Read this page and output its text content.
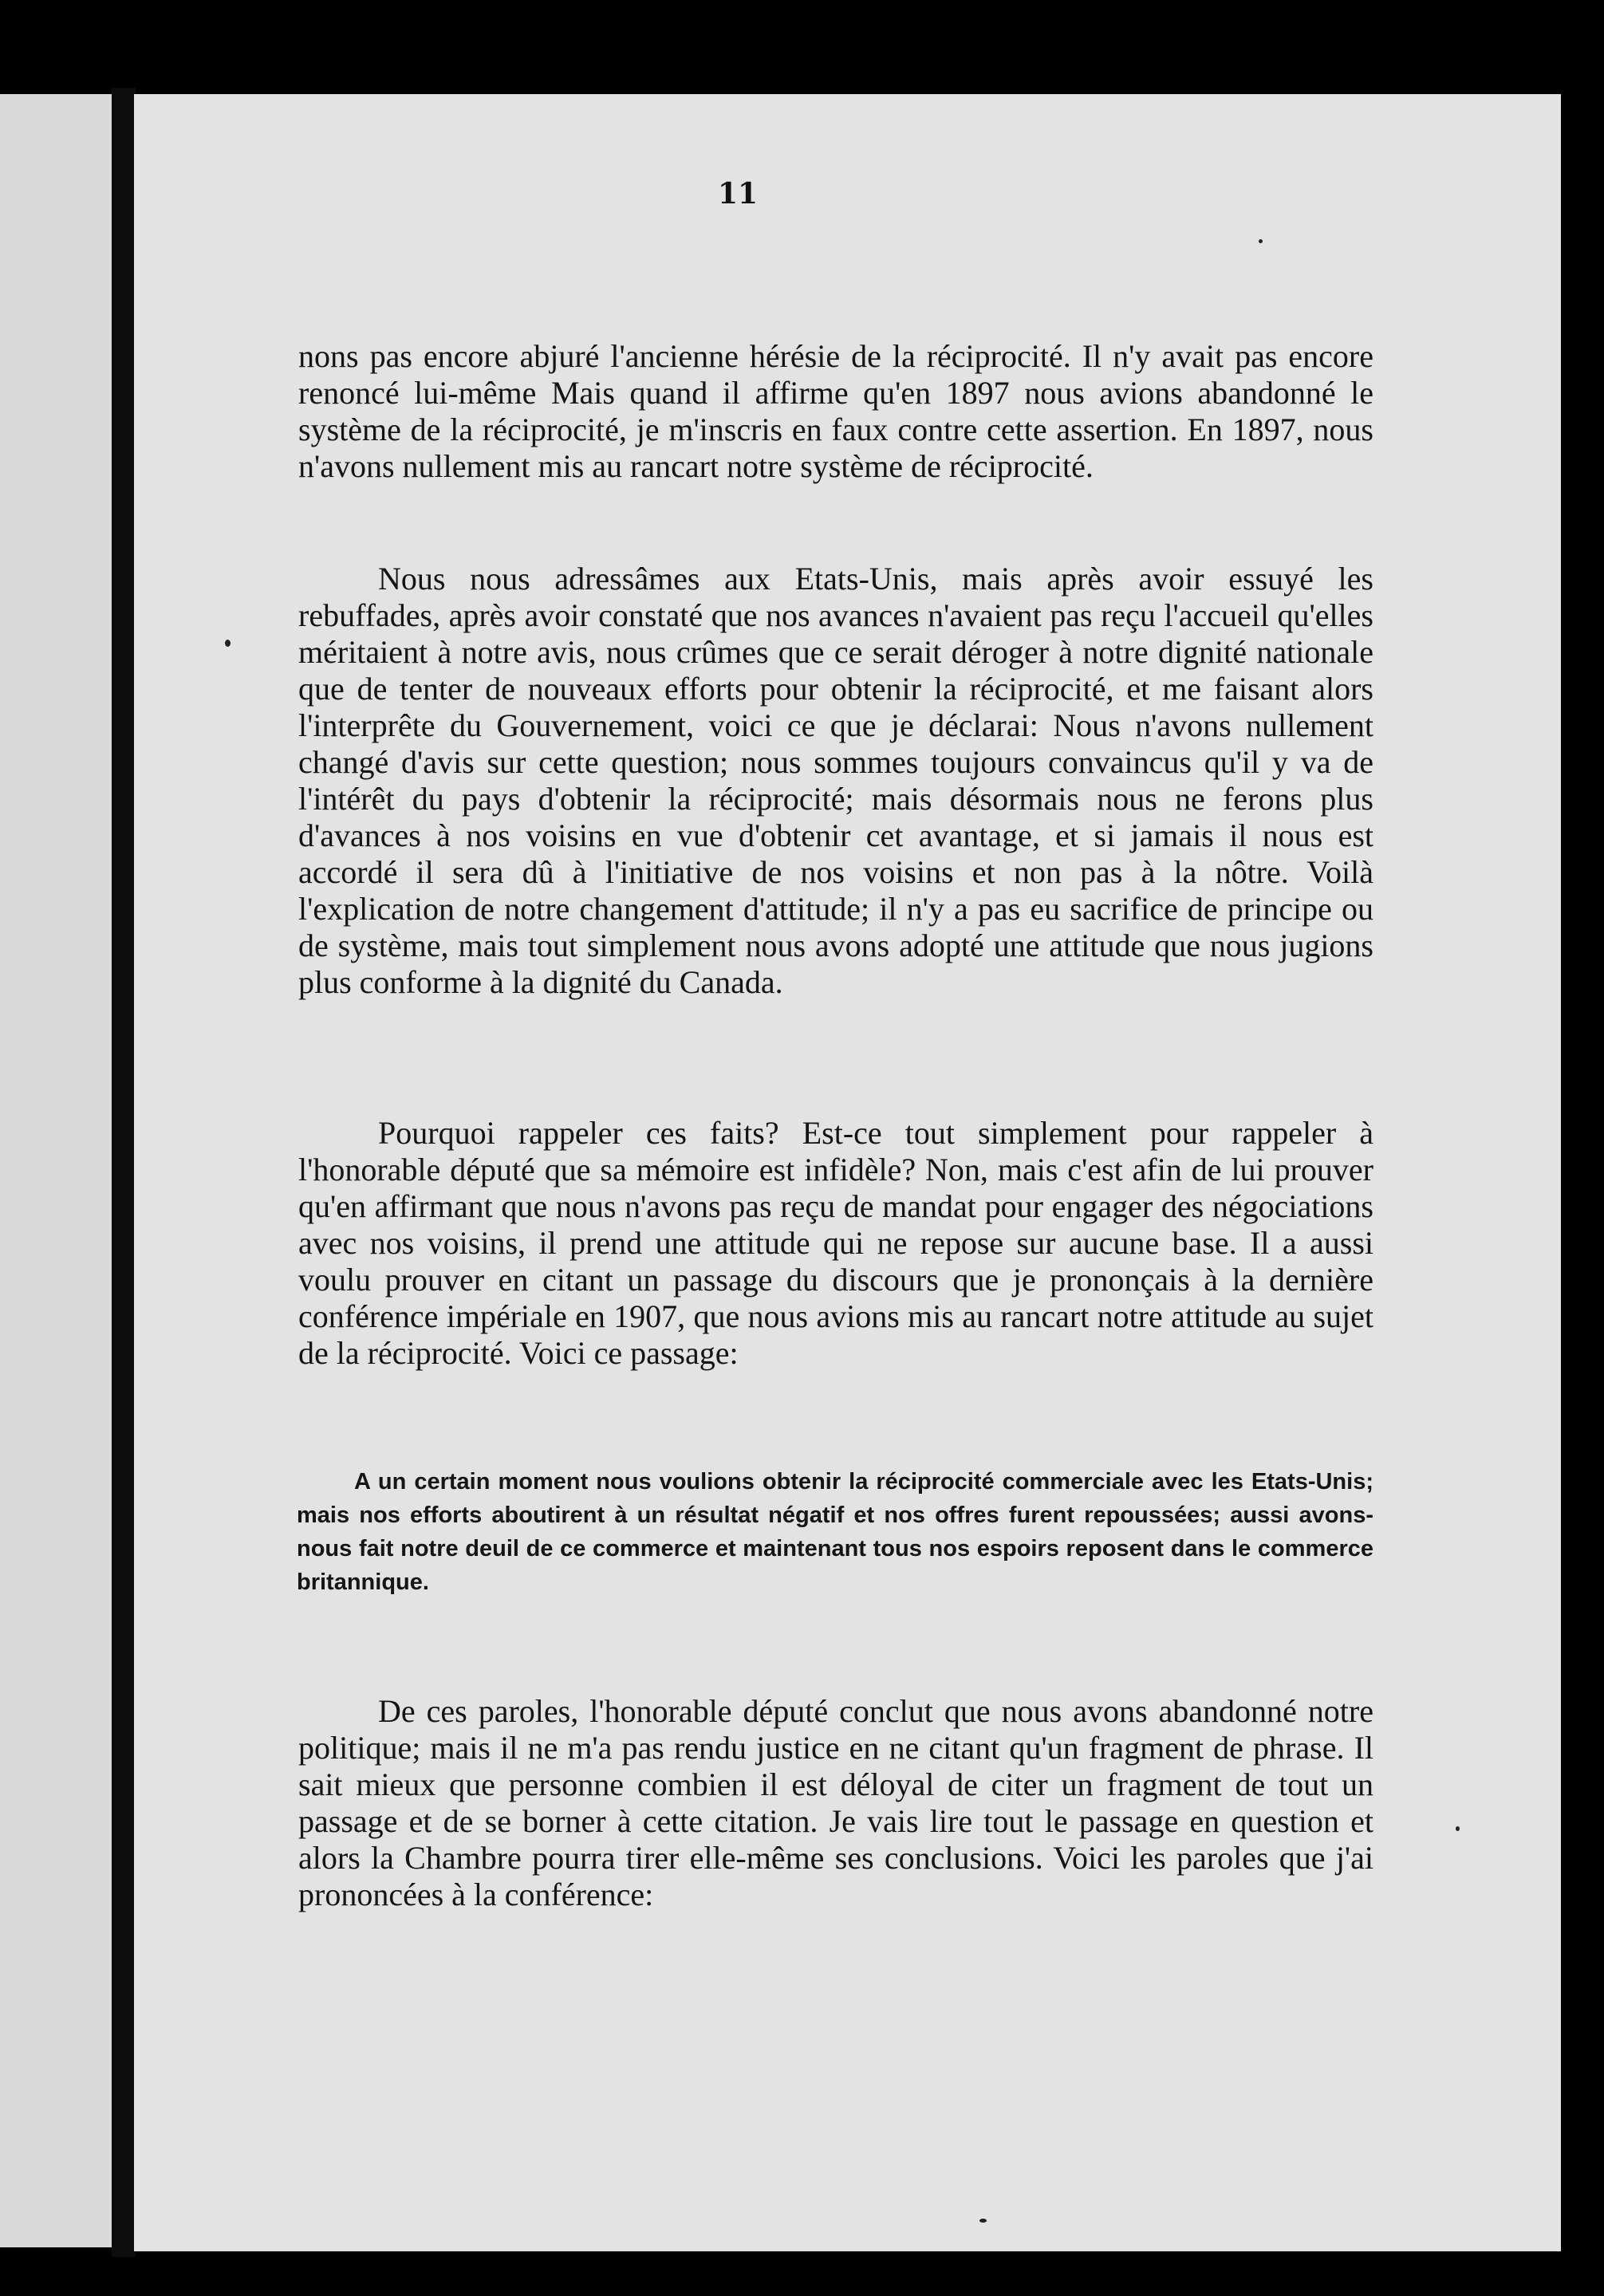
11

nons pas encore abjuré l'ancienne hérésie de la réciprocité. Il n'y avait pas encore renoncé lui-même Mais quand il affirme qu'en 1897 nous avions abandonné le système de la réciprocité, je m'inscris en faux contre cette assertion. En 1897, nous n'avons nullement mis au rancart notre système de réciprocité.

Nous nous adressâmes aux Etats-Unis, mais après avoir essuyé les rebuffades, après avoir constaté que nos avances n'avaient pas reçu l'accueil qu'elles méritaient à notre avis, nous crûmes que ce serait déroger à notre dignité nationale que de tenter de nouveaux efforts pour obtenir la réciprocité, et me faisant alors l'interprête du Gouvernement, voici ce que je déclarai: Nous n'avons nullement changé d'avis sur cette question; nous sommes toujours convaincus qu'il y va de l'intérêt du pays d'obtenir la réciprocité; mais désormais nous ne ferons plus d'avances à nos voisins en vue d'obtenir cet avantage, et si jamais il nous est accordé il sera dû à l'initiative de nos voisins et non pas à la nôtre. Voilà l'explication de notre changement d'attitude; il n'y a pas eu sacrifice de principe ou de système, mais tout simplement nous avons adopté une attitude que nous jugions plus conforme à la dignité du Canada.

Pourquoi rappeler ces faits? Est-ce tout simplement pour rappeler à l'honorable député que sa mémoire est infidèle? Non, mais c'est afin de lui prouver qu'en affirmant que nous n'avons pas reçu de mandat pour engager des négociations avec nos voisins, il prend une attitude qui ne repose sur aucune base. Il a aussi voulu prouver en citant un passage du discours que je prononçais à la dernière conférence impériale en 1907, que nous avions mis au rancart notre attitude au sujet de la réciprocité. Voici ce passage:

A un certain moment nous voulions obtenir la réciprocité commerciale avec les Etats-Unis; mais nos efforts aboutirent à un résultat négatif et nos offres furent repoussées; aussi avons-nous fait notre deuil de ce commerce et maintenant tous nos espoirs reposent dans le commerce britannique.

De ces paroles, l'honorable député conclut que nous avons abandonné notre politique; mais il ne m'a pas rendu justice en ne citant qu'un fragment de phrase. Il sait mieux que personne combien il est déloyal de citer un fragment de tout un passage et de se borner à cette citation. Je vais lire tout le passage en question et alors la Chambre pourra tirer elle-même ses conclusions. Voici les paroles que j'ai prononcées à la conférence:
